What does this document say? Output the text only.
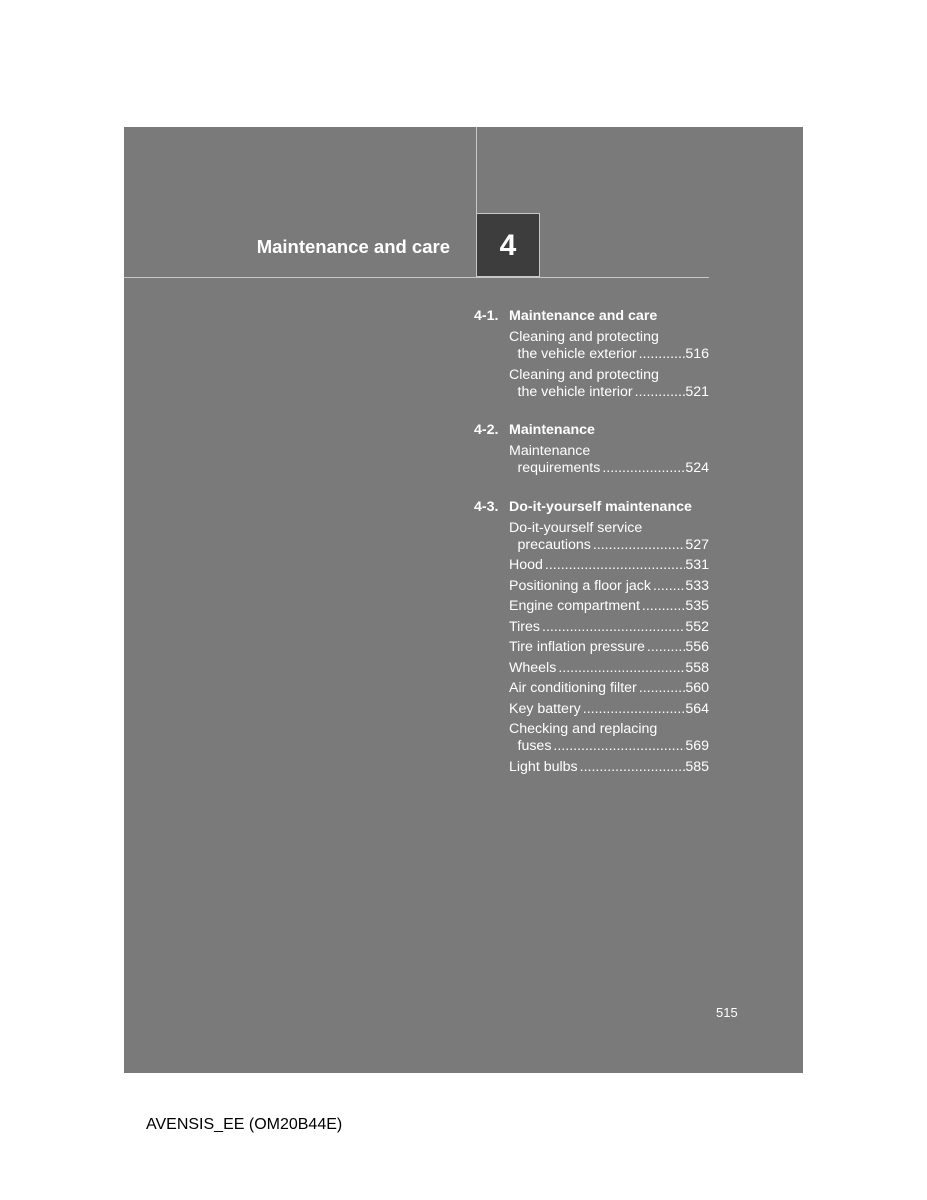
Maintenance and care	4
4-1. Maintenance and care
Cleaning and protecting
the vehicle exterior .....	516
Cleaning and protecting
the vehicle interior .....	521
4-2. Maintenance
Maintenance
requirements .....	524
4-3. Do-it-yourself maintenance
Do-it-yourself service
precautions .....	527
Hood .....	531
Positioning a floor jack ..... 533
Engine compartment .....	535
Tires .....	552
Tire inflation pressure .....	556
Wheels .....	558
Air conditioning filter .....	560
Key battery .....	564
Checking and replacing
fuses .....	569
Light bulbs .....	585
515
AVENSIS_EE (OM20B44E)
